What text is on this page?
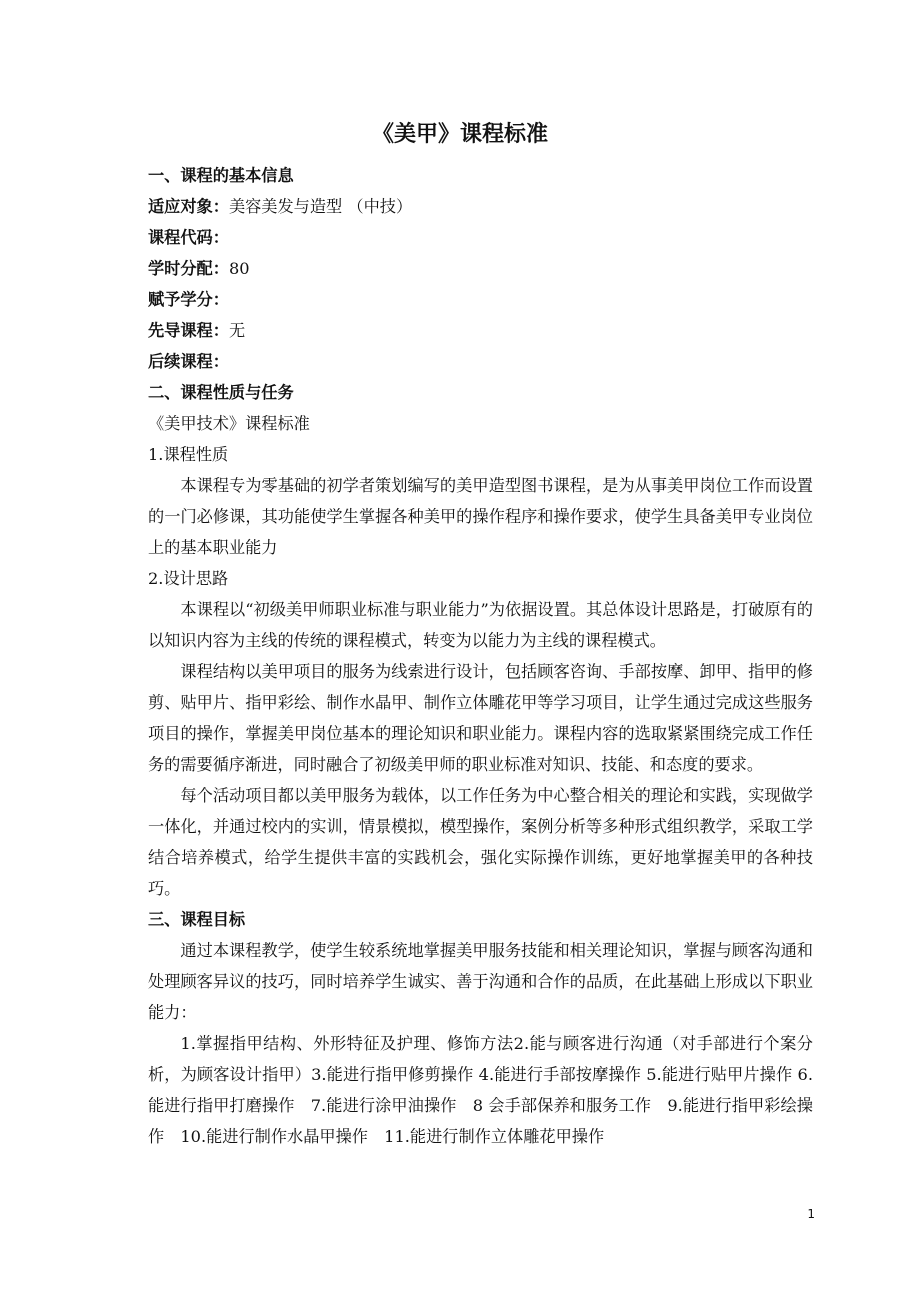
《美甲》课程标准
一、课程的基本信息
适应对象：美容美发与造型 （中技）
课程代码：
学时分配：80
赋予学分：
先导课程：无
后续课程：
二、课程性质与任务
《美甲技术》课程标准
1.课程性质

本课程专为零基础的初学者策划编写的美甲造型图书课程，是为从事美甲岗位工作而设置的一门必修课，其功能使学生掌握各种美甲的操作程序和操作要求，使学生具备美甲专业岗位上的基本职业能力

2.设计思路

本课程以“初级美甲师职业标准与职业能力”为依据设置。其总体设计思路是，打破原有的以知识内容为主线的传统的课程模式，转变为以能力为主线的课程模式。

课程结构以美甲项目的服务为线索进行设计，包括顾客咨询、手部按摩、卸甲、指甲的修剪、贴甲片、指甲彩绘、制作水晶甲、制作立体雕花甲等学习项目，让学生通过完成这些服务项目的操作，掌握美甲岗位基本的理论知识和职业能力。课程内容的选取紧紧围绕完成工作任务的需要循序渐进，同时融合了初级美甲师的职业标准对知识、技能、和态度的要求。

每个活动项目都以美甲服务为载体，以工作任务为中心整合相关的理论和实践，实现做学一体化，并通过校内的实训，情景模拟，模型操作，案例分析等多种形式组织教学，采取工学结合培养模式，给学生提供丰富的实践机会，强化实际操作训练，更好地掌握美甲的各种技巧。

三、课程目标

通过本课程教学，使学生较系统地掌握美甲服务技能和相关理论知识，掌握与顾客沟通和处理顾客异议的技巧，同时培养学生诚实、善于沟通和合作的品质，在此基础上形成以下职业能力：

1.掌握指甲结构、外形特征及护理、修饰方法2.能与顾客进行沟通（对手部进行个案分析，为顾客设计指甲）3.能进行指甲修剪操作 4.能进行手部按摩操作 5.能进行贴甲片操作 6.能进行指甲打磨操作　7.能进行涂甲油操作　8 会手部保养和服务工作　9.能进行指甲彩绘操作　10.能进行制作水晶甲操作　11.能进行制作立体雕花甲操作

1
